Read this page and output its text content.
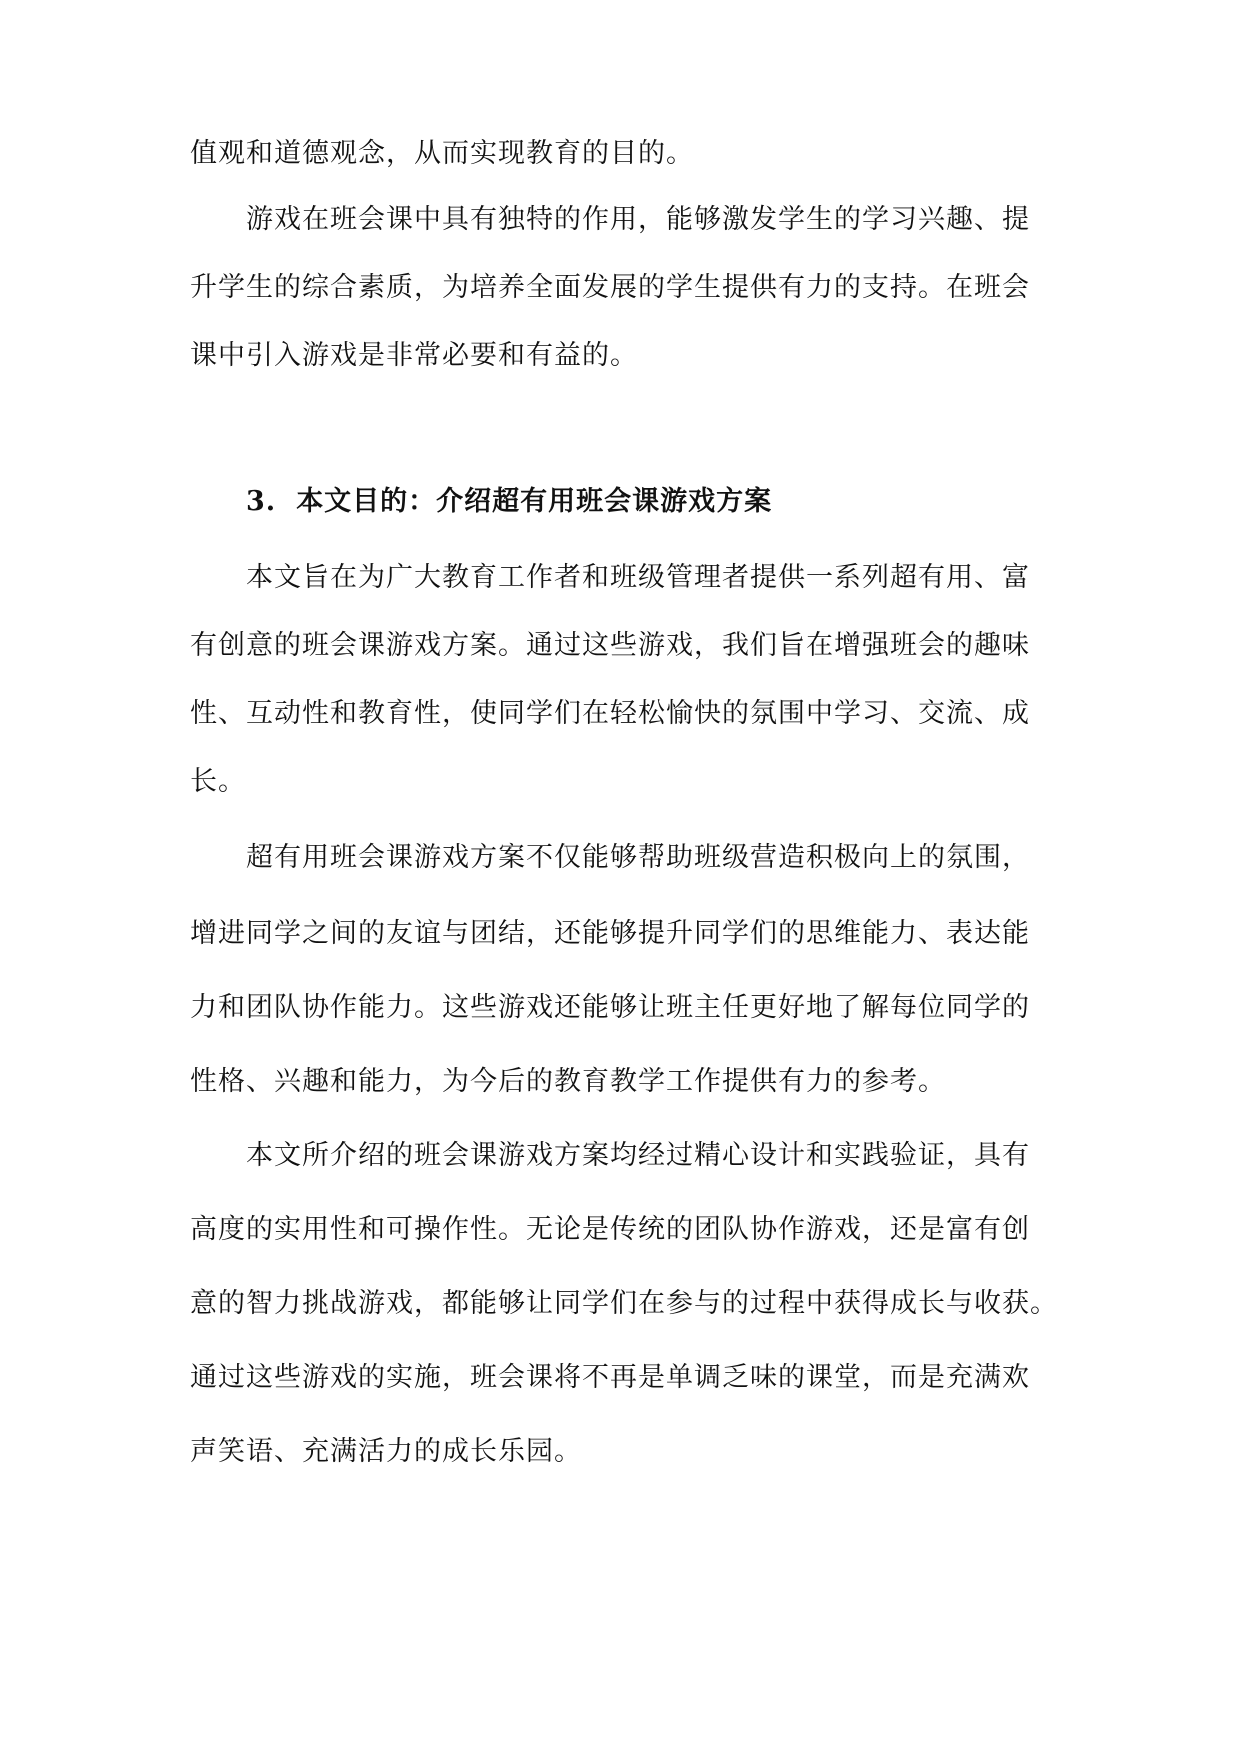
值观和道德观念，从而实现教育的目的。

游戏在班会课中具有独特的作用，能够激发学生的学习兴趣、提

升学生的综合素质，为培养全面发展的学生提供有力的支持。在班会

课中引入游戏是非常必要和有益的。

3. 本文目的：介绍超有用班会课游戏方案

本文旨在为广大教育工作者和班级管理者提供一系列超有用、富

有创意的班会课游戏方案。通过这些游戏，我们旨在增强班会的趣味

性、互动性和教育性，使同学们在轻松愉快的氛围中学习、交流、成

长。

超有用班会课游戏方案不仅能够帮助班级营造积极向上的氛围，

增进同学之间的友谊与团结，还能够提升同学们的思维能力、表达能

力和团队协作能力。这些游戏还能够让班主任更好地了解每位同学的

性格、兴趣和能力，为今后的教育教学工作提供有力的参考。

本文所介绍的班会课游戏方案均经过精心设计和实践验证，具有

高度的实用性和可操作性。无论是传统的团队协作游戏，还是富有创

意的智力挑战游戏，都能够让同学们在参与的过程中获得成长与收获。

通过这些游戏的实施，班会课将不再是单调乏味的课堂，而是充满欢

声笑语、充满活力的成长乐园。
